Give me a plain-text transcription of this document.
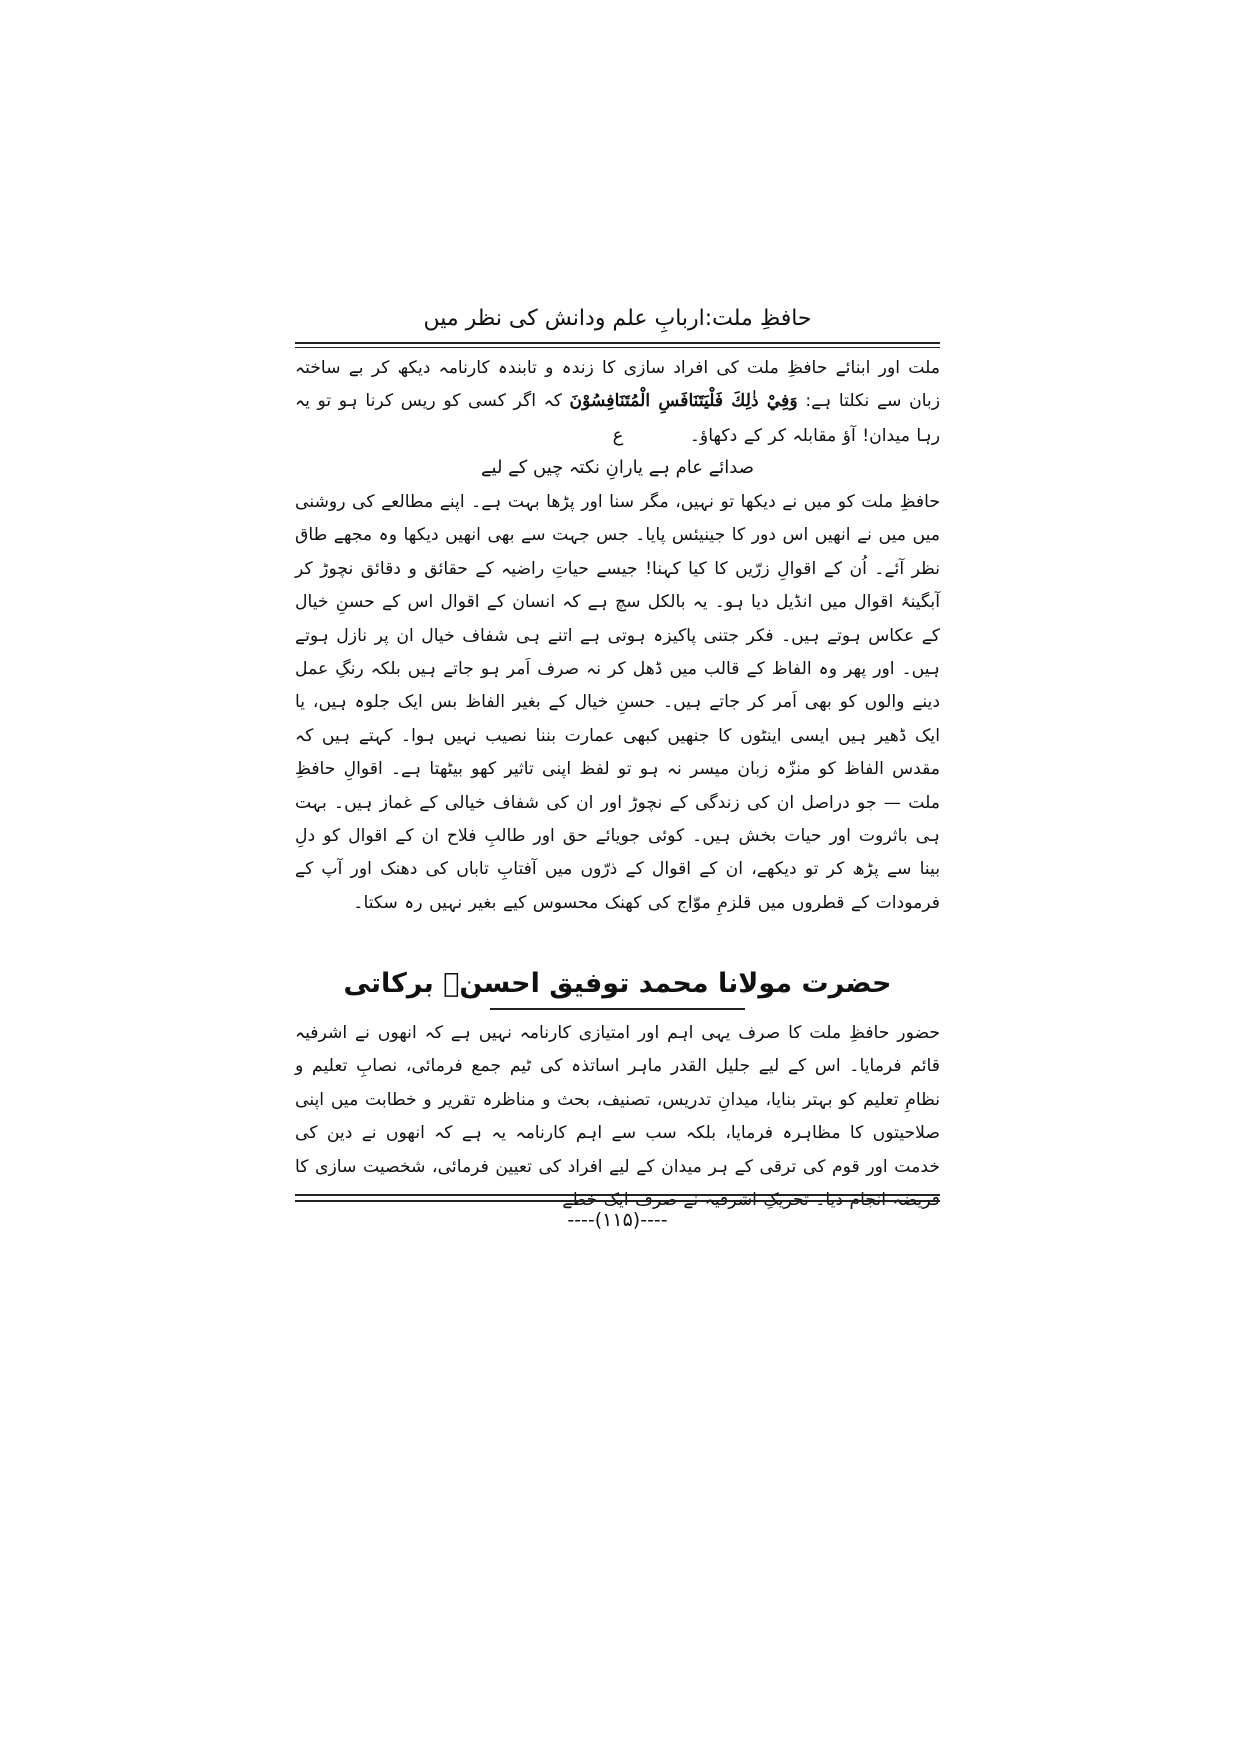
حافظِ ملت:اربابِ علم ودانش کی نظر میں

ملت اور ابنائے حافظِ ملت کی افراد سازی کا زندہ و تابندہ کارنامہ دیکھ کر بے ساختہ زبان سے نکلتا ہے: وَفِيْ ذٰلِكَ فَلْيَتَنَافَسِ الْمُتَنَافِسُوْنَ کہ اگر کسی کو ریس کرنا ہو تو یہ رہا میدان! آؤ مقابلہ کر کے دکھاؤ۔ ع

صدائے عام ہے یارانِ نکتہ چیں کے لیے

حافظِ ملت کو میں نے دیکھا تو نہیں، مگر سنا اور پڑھا بہت ہے۔ اپنے مطالعے کی روشنی میں میں نے انھیں اس دور کا جینیئس پایا۔ جس جہت سے بھی انھیں دیکھا وہ مجھے طاق نظر آئے۔ اُن کے اقوالِ زرّیں کا کیا کہنا! جیسے حیاتِ راضیہ کے حقائق و دقائق نچوڑ کر آبگینۂ اقوال میں انڈیل دیا ہو۔ یہ بالکل سچ ہے کہ انسان کے اقوال اس کے حسنِ خیال کے عکاس ہوتے ہیں۔ فکر جتنی پاکیزہ ہوتی ہے اتنے ہی شفاف خیال ان پر نازل ہوتے ہیں۔ اور پھر وہ الفاظ کے قالب میں ڈھل کر نہ صرف اَمر ہو جاتے ہیں بلکہ رنگِ عمل دینے والوں کو بھی اَمر کر جاتے ہیں۔ حسنِ خیال کے بغیر الفاظ بس ایک جلوہ ہیں، یا ایک ڈھیر ہیں ایسی اینٹوں کا جنھیں کبھی عمارت بننا نصیب نہیں ہوا۔ کہتے ہیں کہ مقدس الفاظ کو منزّہ زبان میسر نہ ہو تو لفظ اپنی تاثیر کھو بیٹھتا ہے۔ اقوالِ حافظِ ملت — جو دراصل ان کی زندگی کے نچوڑ اور ان کی شفاف خیالی کے غماز ہیں۔ بہت ہی باثروت اور حیات بخش ہیں۔ کوئی جویائے حق اور طالبِ فلاح ان کے اقوال کو دلِ بینا سے پڑھ کر تو دیکھے، ان کے اقوال کے ذرّوں میں آفتابِ تاباں کی دھنک اور آپ کے فرمودات کے قطروں میں قلزمِ موّاج کی کھنک محسوس کیے بغیر نہیں رہ سکتا۔

حضرت مولانا محمد توفیق احسنؔ برکاتی

حضور حافظِ ملت کا صرف یہی اہم اور امتیازی کارنامہ نہیں ہے کہ انھوں نے اشرفیہ قائم فرمایا۔ اس کے لیے جلیل القدر ماہر اساتذہ کی ٹیم جمع فرمائی، نصابِ تعلیم و نظامِ تعلیم کو بہتر بنایا، میدانِ تدریس، تصنیف، بحث و مناظرہ تقریر و خطابت میں اپنی صلاحیتوں کا مظاہرہ فرمایا، بلکہ سب سے اہم کارنامہ یہ ہے کہ انھوں نے دین کی خدمت اور قوم کی ترقی کے ہر میدان کے لیے افراد کی تعیین فرمائی، شخصیت سازی کا فریضہ انجام دیا۔ تحریکِ اشرفیہ نے صرف ایک خطے

----(۱۱۵)----
